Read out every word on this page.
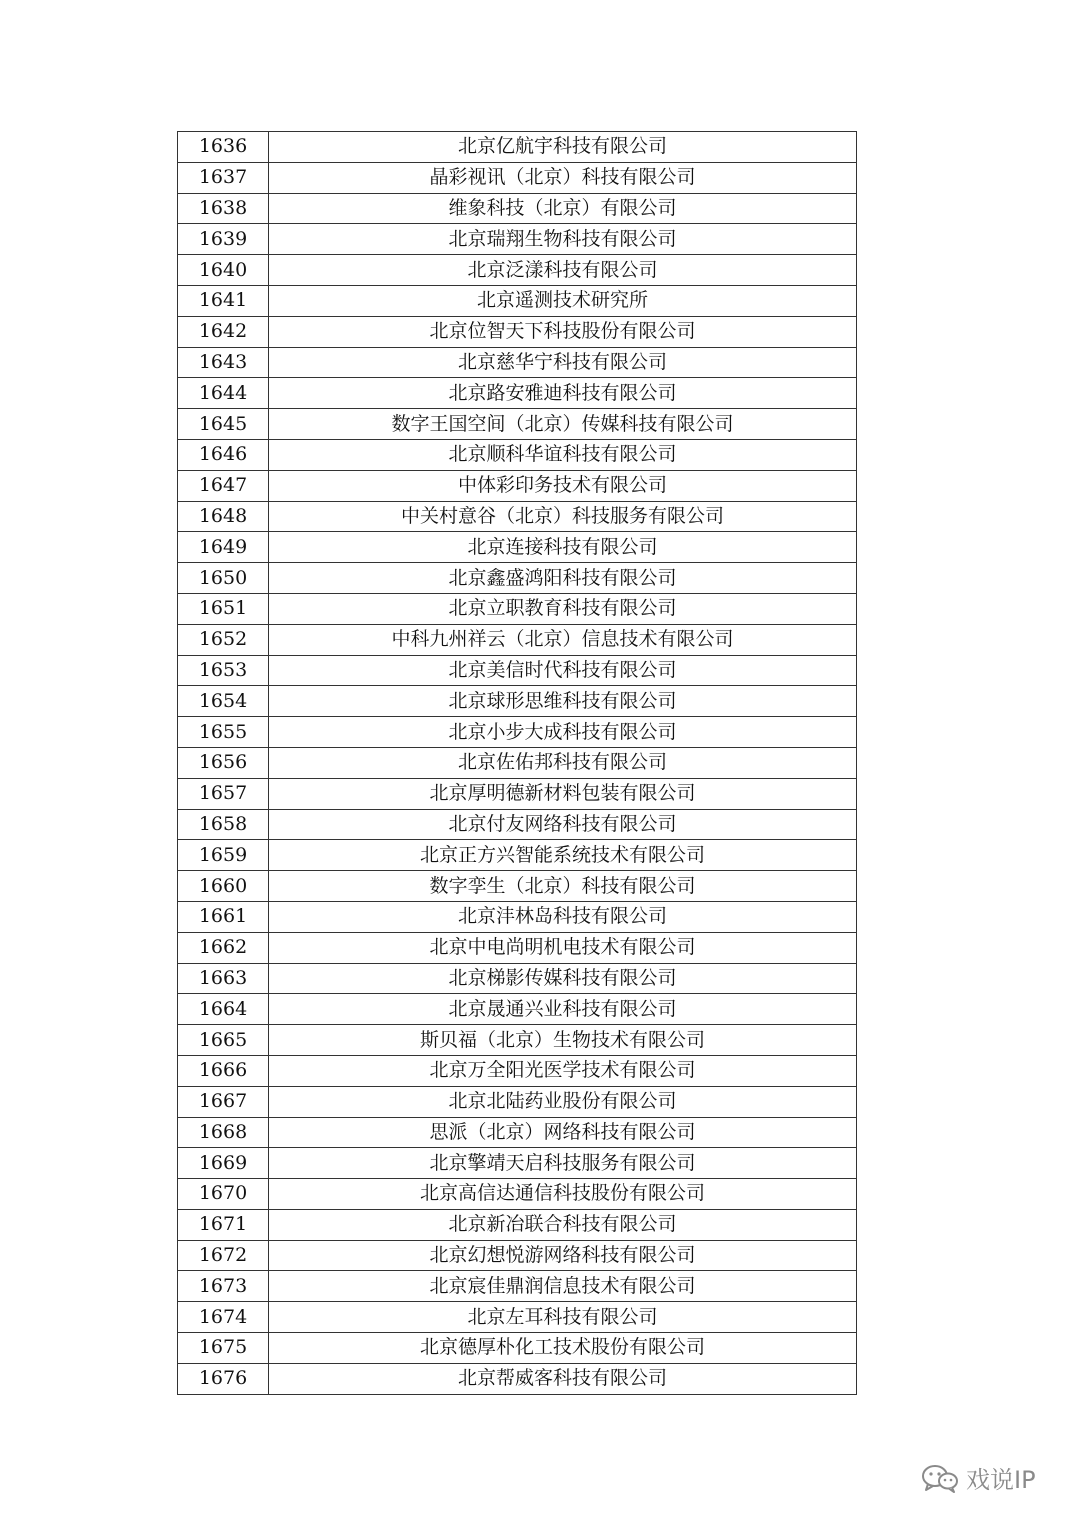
1636	北京亿航宇科技有限公司
1637	晶彩视讯（北京）科技有限公司
1638	维象科技（北京）有限公司
1639	北京瑞翔生物科技有限公司
1640	北京泛漾科技有限公司
1641	北京遥测技术研究所
1642	北京位智天下科技股份有限公司
1643	北京慈华宁科技有限公司
1644	北京路安雅迪科技有限公司
1645	数字王国空间（北京）传媒科技有限公司
1646	北京顺科华谊科技有限公司
1647	中体彩印务技术有限公司
1648	中关村意谷（北京）科技服务有限公司
1649	北京连接科技有限公司
1650	北京鑫盛鸿阳科技有限公司
1651	北京立职教育科技有限公司
1652	中科九州祥云（北京）信息技术有限公司
1653	北京美信时代科技有限公司
1654	北京球形思维科技有限公司
1655	北京小步大成科技有限公司
1656	北京佐佑邦科技有限公司
1657	北京厚明德新材料包装有限公司
1658	北京付友网络科技有限公司
1659	北京正方兴智能系统技术有限公司
1660	数字孪生（北京）科技有限公司
1661	北京沣林岛科技有限公司
1662	北京中电尚明机电技术有限公司
1663	北京梯影传媒科技有限公司
1664	北京晟通兴业科技有限公司
1665	斯贝福（北京）生物技术有限公司
1666	北京万全阳光医学技术有限公司
1667	北京北陆药业股份有限公司
1668	思派（北京）网络科技有限公司
1669	北京擎靖天启科技服务有限公司
1670	北京高信达通信科技股份有限公司
1671	北京新冶联合科技有限公司
1672	北京幻想悦游网络科技有限公司
1673	北京宸佳鼎润信息技术有限公司
1674	北京左耳科技有限公司
1675	北京德厚朴化工技术股份有限公司
1676	北京帮威客科技有限公司
戏说IP
